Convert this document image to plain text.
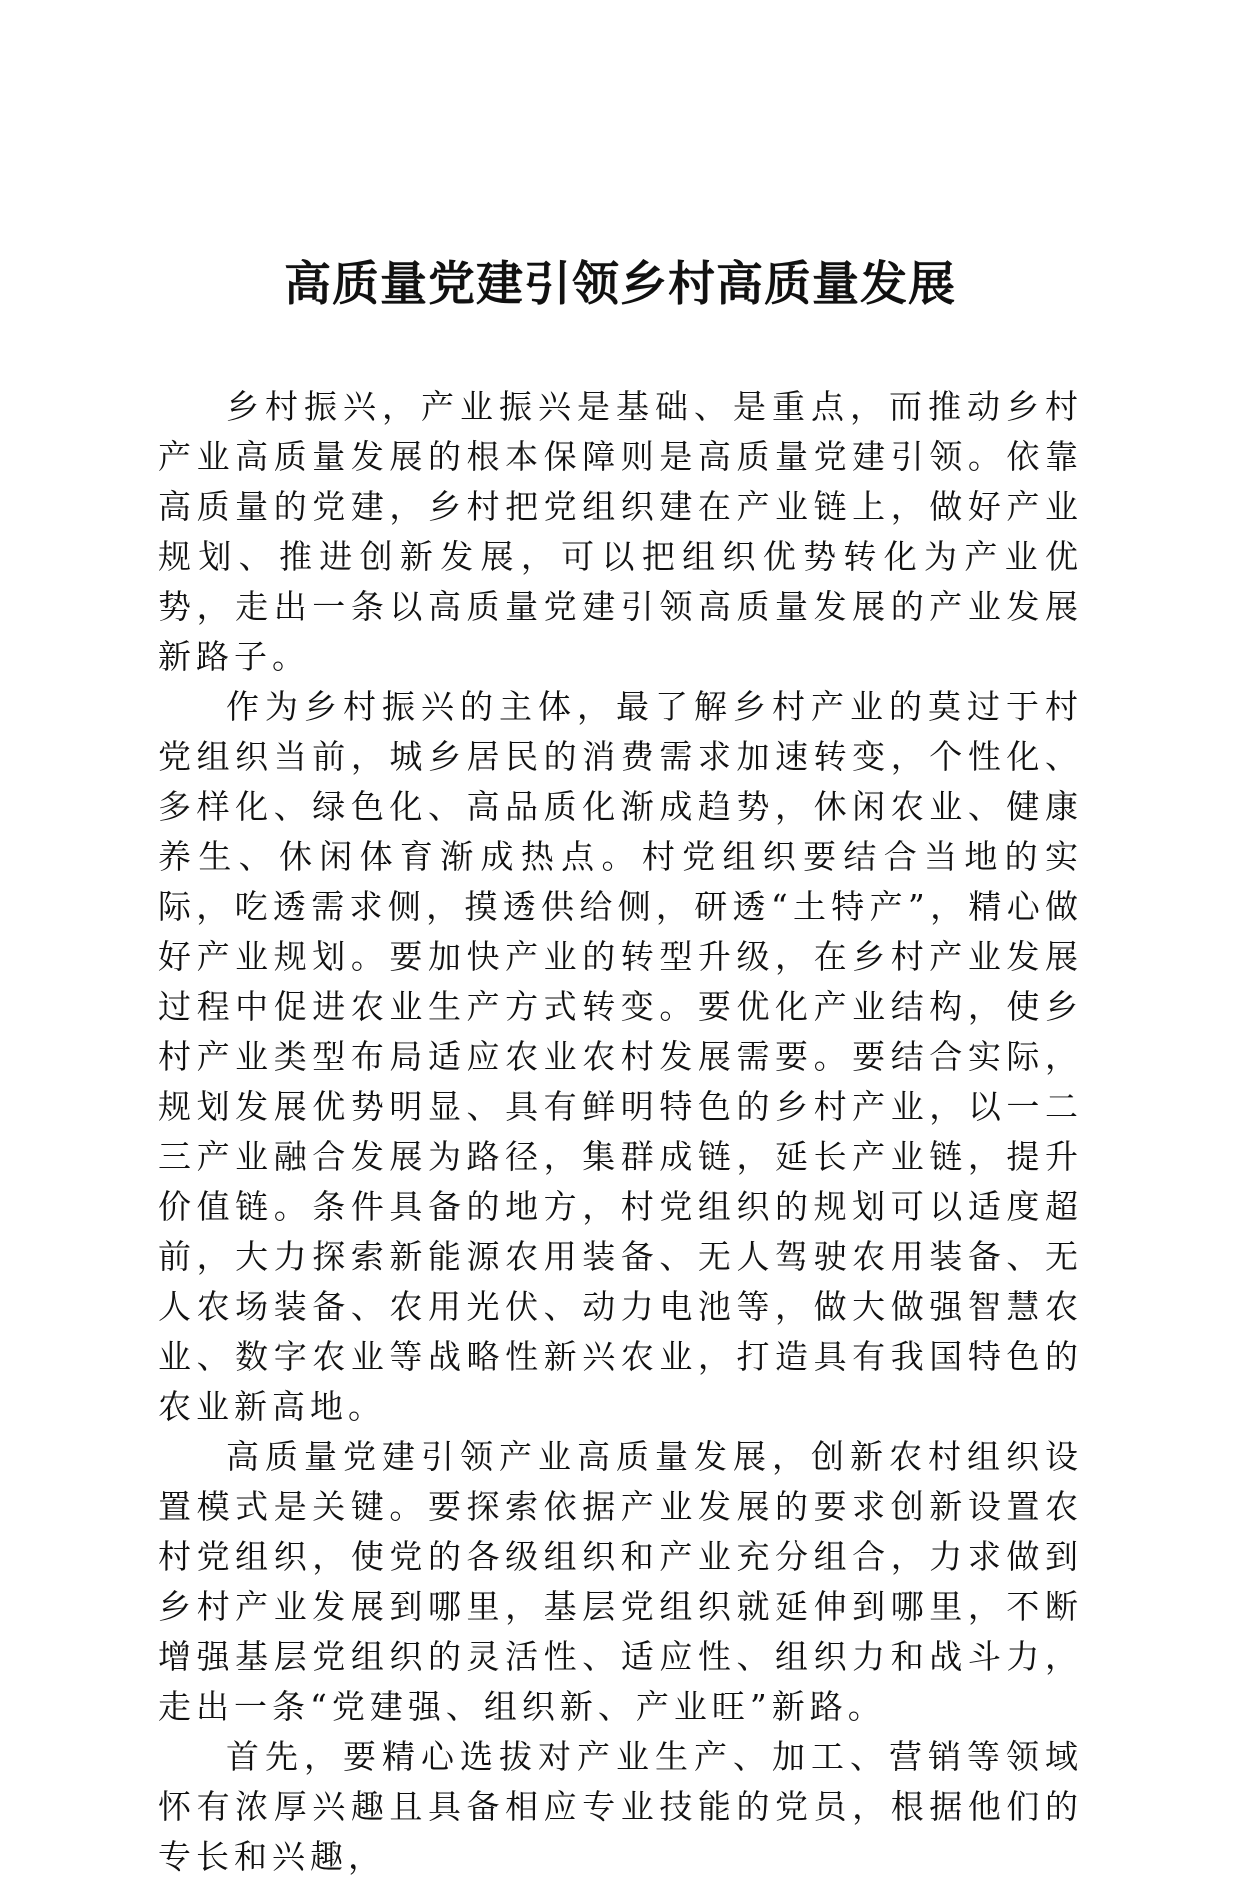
高质量党建引领乡村高质量发展

乡村振兴，产业振兴是基础、是重点，而推动乡村产业高质量发展的根本保障则是高质量党建引领。依靠高质量的党建，乡村把党组织建在产业链上，做好产业规划、推进创新发展，可以把组织优势转化为产业优势，走出一条以高质量党建引领高质量发展的产业发展新路子。

作为乡村振兴的主体，最了解乡村产业的莫过于村党组织当前，城乡居民的消费需求加速转变，个性化、多样化、绿色化、高品质化渐成趋势，休闲农业、健康养生、休闲体育渐成热点。村党组织要结合当地的实际，吃透需求侧，摸透供给侧，研透“土特产”，精心做好产业规划。要加快产业的转型升级，在乡村产业发展过程中促进农业生产方式转变。要优化产业结构，使乡村产业类型布局适应农业农村发展需要。要结合实际，规划发展优势明显、具有鲜明特色的乡村产业，以一二三产业融合发展为路径，集群成链，延长产业链，提升价值链。条件具备的地方，村党组织的规划可以适度超前，大力探索新能源农用装备、无人驾驶农用装备、无人农场装备、农用光伏、动力电池等，做大做强智慧农业、数字农业等战略性新兴农业，打造具有我国特色的农业新高地。

高质量党建引领产业高质量发展，创新农村组织设置模式是关键。要探索依据产业发展的要求创新设置农村党组织，使党的各级组织和产业充分组合，力求做到乡村产业发展到哪里，基层党组织就延伸到哪里，不断增强基层党组织的灵活性、适应性、组织力和战斗力，走出一条“党建强、组织新、产业旺”新路。

首先，要精心选拔对产业生产、加工、营销等领域怀有浓厚兴趣且具备相应专业技能的党员，根据他们的专长和兴趣，
